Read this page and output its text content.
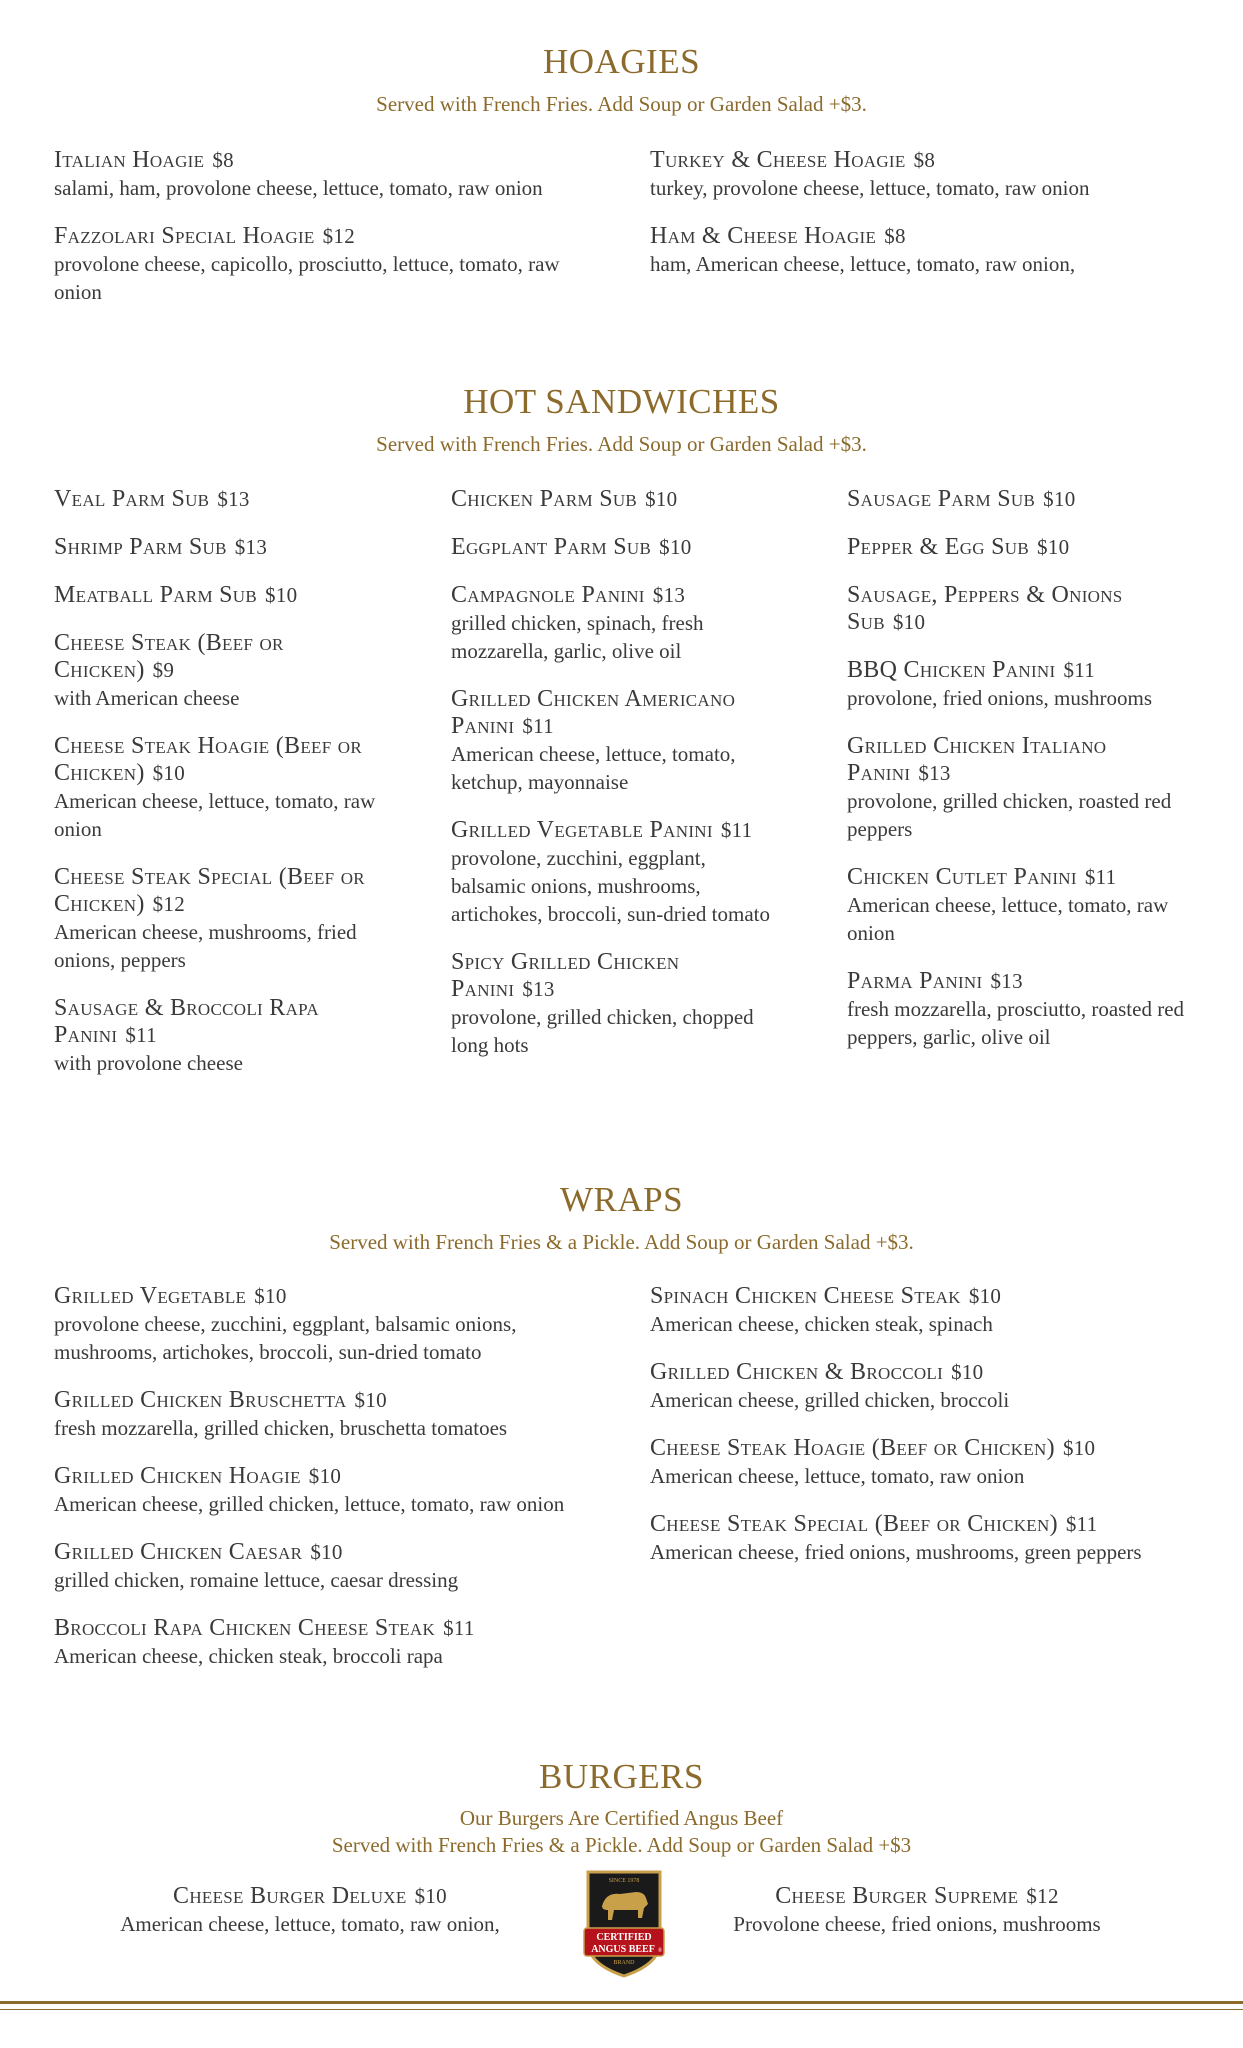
HOAGIES

Served with French Fries. Add Soup or Garden Salad +$3.

Italian Hoagie $8
salami, ham, provolone cheese, lettuce, tomato, raw onion
Fazzolari Special Hoagie $12
provolone cheese, capicollo, prosciutto, lettuce, tomato, raw onion
Turkey & Cheese Hoagie $8
turkey, provolone cheese, lettuce, tomato, raw onion
Ham & Cheese Hoagie $8
ham, American cheese, lettuce, tomato, raw onion,
HOT SANDWICHES

Served with French Fries. Add Soup or Garden Salad +$3.

Veal Parm Sub $13
Shrimp Parm Sub $13
Meatball Parm Sub $10
Cheese Steak (Beef or Chicken) $9
with American cheese
Cheese Steak Hoagie (Beef or Chicken) $10
American cheese, lettuce, tomato, raw onion
Cheese Steak Special (Beef or Chicken) $12
American cheese, mushrooms, fried onions, peppers
Sausage & Broccoli Rapa Panini $11
with provolone cheese
Chicken Parm Sub $10
Eggplant Parm Sub $10
Campagnole Panini $13
grilled chicken, spinach, fresh mozzarella, garlic, olive oil
Grilled Chicken Americano Panini $11
American cheese, lettuce, tomato, ketchup, mayonnaise
Grilled Vegetable Panini $11
provolone, zucchini, eggplant, balsamic onions, mushrooms, artichokes, broccoli, sun-dried tomato
Spicy Grilled Chicken Panini $13
provolone, grilled chicken, chopped long hots
Sausage Parm Sub $10
Pepper & Egg Sub $10
Sausage, Peppers & Onions Sub $10
BBQ Chicken Panini $11
provolone, fried onions, mushrooms
Grilled Chicken Italiano Panini $13
provolone, grilled chicken, roasted red peppers
Chicken Cutlet Panini $11
American cheese, lettuce, tomato, raw onion
Parma Panini $13
fresh mozzarella, prosciutto, roasted red peppers, garlic, olive oil
WRAPS

Served with French Fries & a Pickle. Add Soup or Garden Salad +$3.

Grilled Vegetable $10
provolone cheese, zucchini, eggplant, balsamic onions, mushrooms, artichokes, broccoli, sun-dried tomato
Grilled Chicken Bruschetta $10
fresh mozzarella, grilled chicken, bruschetta tomatoes
Grilled Chicken Hoagie $10
American cheese, grilled chicken, lettuce, tomato, raw onion
Grilled Chicken Caesar $10
grilled chicken, romaine lettuce, caesar dressing
Broccoli Rapa Chicken Cheese Steak $11
American cheese, chicken steak, broccoli rapa
Spinach Chicken Cheese Steak $10
American cheese, chicken steak, spinach
Grilled Chicken & Broccoli $10
American cheese, grilled chicken, broccoli
Cheese Steak Hoagie (Beef or Chicken) $10
American cheese, lettuce, tomato, raw onion
Cheese Steak Special (Beef or Chicken) $11
American cheese, fried onions, mushrooms, green peppers
BURGERS

Our Burgers Are Certified Angus Beef

Served with French Fries & a Pickle. Add Soup or Garden Salad +$3

Cheese Burger Deluxe $10
American cheese, lettuce, tomato, raw onion,
SINCE 1978
CERTIFIED
ANGUS BEEF ®
BRAND
Cheese Burger Supreme $12
Provolone cheese, fried onions, mushrooms
